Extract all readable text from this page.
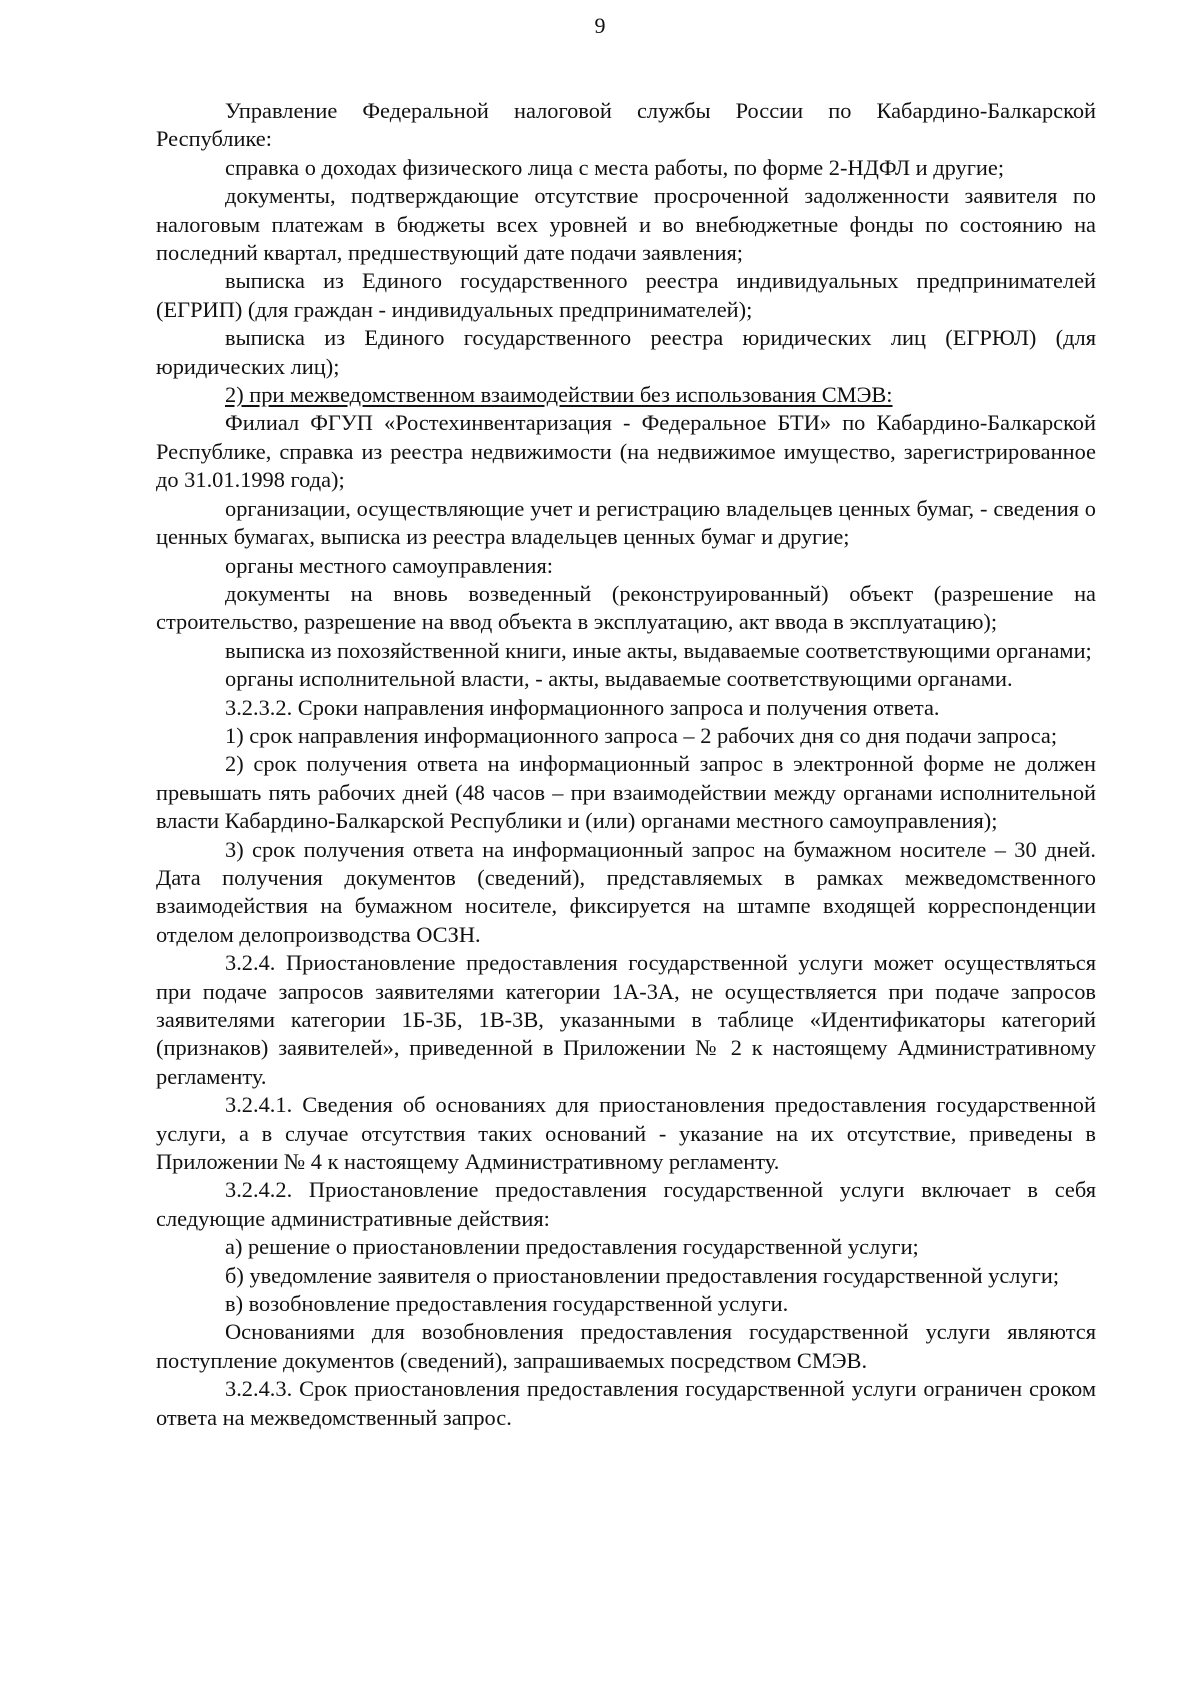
9

Управление Федеральной налоговой службы России по Кабардино-Балкарской Республике:

справка о доходах физического лица с места работы, по форме 2-НДФЛ и другие;

документы, подтверждающие отсутствие просроченной задолженности заявителя по налоговым платежам в бюджеты всех уровней и во внебюджетные фонды по состоянию на последний квартал, предшествующий дате подачи заявления;

выписка из Единого государственного реестра индивидуальных предпринимателей (ЕГРИП) (для граждан - индивидуальных предпринимателей);

выписка из Единого государственного реестра юридических лиц (ЕГРЮЛ) (для юридических лиц);

2) при межведомственном взаимодействии без использования СМЭВ:

Филиал ФГУП «Ростехинвентаризация - Федеральное БТИ» по Кабардино-Балкарской Республике, справка из реестра недвижимости (на недвижимое имущество, зарегистрированное до 31.01.1998 года);

организации, осуществляющие учет и регистрацию владельцев ценных бумаг, - сведения о ценных бумагах, выписка из реестра владельцев ценных бумаг и другие;

органы местного самоуправления:

документы на вновь возведенный (реконструированный) объект (разрешение на строительство, разрешение на ввод объекта в эксплуатацию, акт ввода в эксплуатацию);

выписка из похозяйственной книги, иные акты, выдаваемые соответствующими органами;

органы исполнительной власти, - акты, выдаваемые соответствующими органами.

3.2.3.2. Сроки направления информационного запроса и получения ответа.

1) срок направления информационного запроса – 2 рабочих дня со дня подачи запроса;

2) срок получения ответа на информационный запрос в электронной форме не должен превышать пять рабочих дней (48 часов – при взаимодействии между органами исполнительной власти Кабардино-Балкарской Республики и (или) органами местного самоуправления);

3) срок получения ответа на информационный запрос на бумажном носителе – 30 дней. Дата получения документов (сведений), представляемых в рамках межведомственного взаимодействия на бумажном носителе, фиксируется на штампе входящей корреспонденции отделом делопроизводства ОСЗН.

3.2.4. Приостановление предоставления государственной услуги может осуществляться при подаче запросов заявителями категории 1А-3А, не осуществляется при подаче запросов заявителями категории 1Б-3Б, 1В-3В, указанными в таблице «Идентификаторы категорий (признаков) заявителей», приведенной в Приложении № 2 к настоящему Административному регламенту.

3.2.4.1. Сведения об основаниях для приостановления предоставления государственной услуги, а в случае отсутствия таких оснований - указание на их отсутствие, приведены в Приложении № 4 к настоящему Административному регламенту.

3.2.4.2. Приостановление предоставления государственной услуги включает в себя следующие административные действия:

а) решение о приостановлении предоставления государственной услуги;

б) уведомление заявителя о приостановлении предоставления государственной услуги;

в) возобновление предоставления государственной услуги.

Основаниями для возобновления предоставления государственной услуги являются поступление документов (сведений), запрашиваемых посредством СМЭВ.

3.2.4.3. Срок приостановления предоставления государственной услуги ограничен сроком ответа на межведомственный запрос.
